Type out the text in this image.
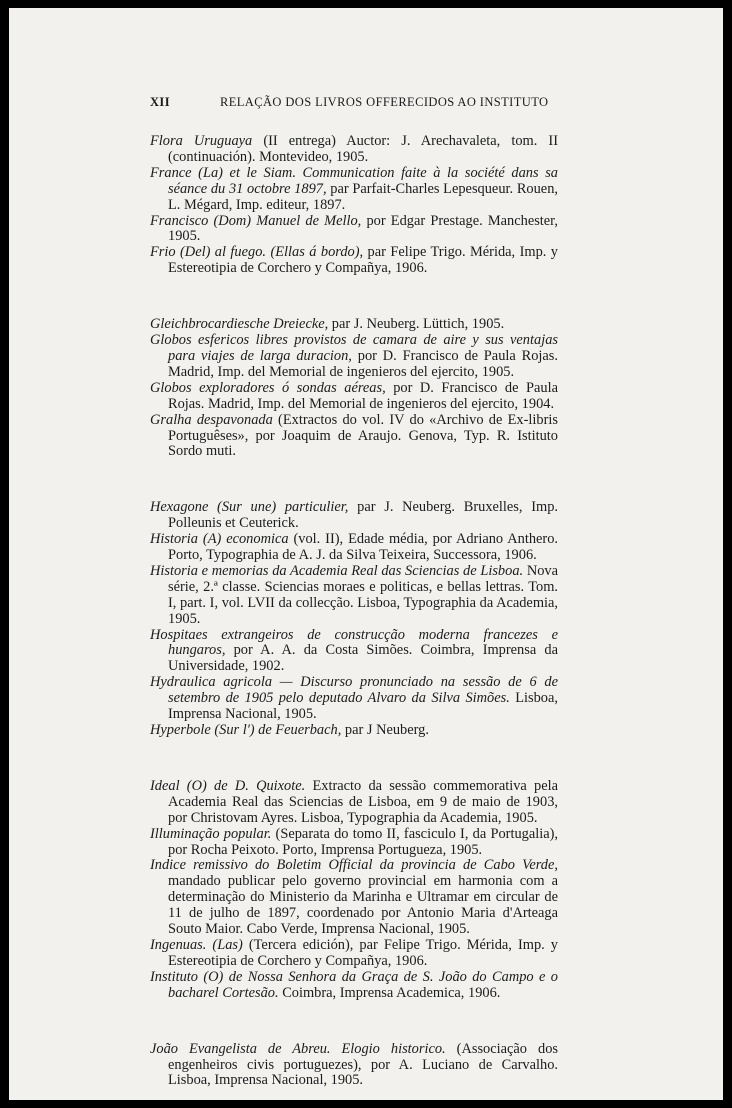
XII	RELAÇÃO DOS LIVROS OFFERECIDOS AO INSTITUTO

Flora Uruguaya (II entrega) Auctor: J. Arechavaleta, tom. II (continuación). Montevideo, 1905.

France (La) et le Siam. Communication faite à la société dans sa séance du 31 octobre 1897, par Parfait-Charles Lepesqueur. Rouen, L. Mégard, Imp. editeur, 1897.

Francisco (Dom) Manuel de Mello, por Edgar Prestage. Manchester, 1905.

Frio (Del) al fuego. (Ellas á bordo), par Felipe Trigo. Mérida, Imp. y Estereotipia de Corchero y Compañya, 1906.

Gleichbrocardiesche Dreiecke, par J. Neuberg. Lüttich, 1905.

Globos esfericos libres provistos de camara de aire y sus ventajas para viajes de larga duracion, por D. Francisco de Paula Rojas. Madrid, Imp. del Memorial de ingenieros del ejercito, 1905.

Globos exploradores ó sondas aéreas, por D. Francisco de Paula Rojas. Madrid, Imp. del Memorial de ingenieros del ejercito, 1904.

Gralha despavonada (Extractos do vol. IV do «Archivo de Ex-libris Portuguêses», por Joaquim de Araujo. Genova, Typ. R. Istituto Sordo muti.

Hexagone (Sur une) particulier, par J. Neuberg. Bruxelles, Imp. Polleunis et Ceuterick.

Historia (A) economica (vol. II), Edade média, por Adriano Anthero. Porto, Typographia de A. J. da Silva Teixeira, Successora, 1906.

Historia e memorias da Academia Real das Sciencias de Lisboa. Nova série, 2.ª classe. Sciencias moraes e politicas, e bellas lettras. Tom. I, part. I, vol. LVII da collecção. Lisboa, Typographia da Academia, 1905.

Hospitaes extrangeiros de construcção moderna francezes e hungaros, por A. A. da Costa Simões. Coimbra, Imprensa da Universidade, 1902.

Hydraulica agricola — Discurso pronunciado na sessão de 6 de setembro de 1905 pelo deputado Alvaro da Silva Simões. Lisboa, Imprensa Nacional, 1905.

Hyperbole (Sur l') de Feuerbach, par J Neuberg.

Ideal (O) de D. Quixote. Extracto da sessão commemorativa pela Academia Real das Sciencias de Lisboa, em 9 de maio de 1903, por Christovam Ayres. Lisboa, Typographia da Academia, 1905.

Illuminação popular. (Separata do tomo II, fasciculo I, da Portugalia), por Rocha Peixoto. Porto, Imprensa Portugueza, 1905.

Indice remissivo do Boletim Official da provincia de Cabo Verde, mandado publicar pelo governo provincial em harmonia com a determinação do Ministerio da Marinha e Ultramar em circular de 11 de julho de 1897, coordenado por Antonio Maria d'Arteaga Souto Maior. Cabo Verde, Imprensa Nacional, 1905.

Ingenuas. (Las) (Tercera edición), par Felipe Trigo. Mérida, Imp. y Estereotipia de Corchero y Compañya, 1906.

Instituto (O) de Nossa Senhora da Graça de S. João do Campo e o bacharel Cortesão. Coimbra, Imprensa Academica, 1906.

João Evangelista de Abreu. Elogio historico. (Associação dos engenheiros civis portuguezes), por A. Luciano de Carvalho. Lisboa, Imprensa Nacional, 1905.
